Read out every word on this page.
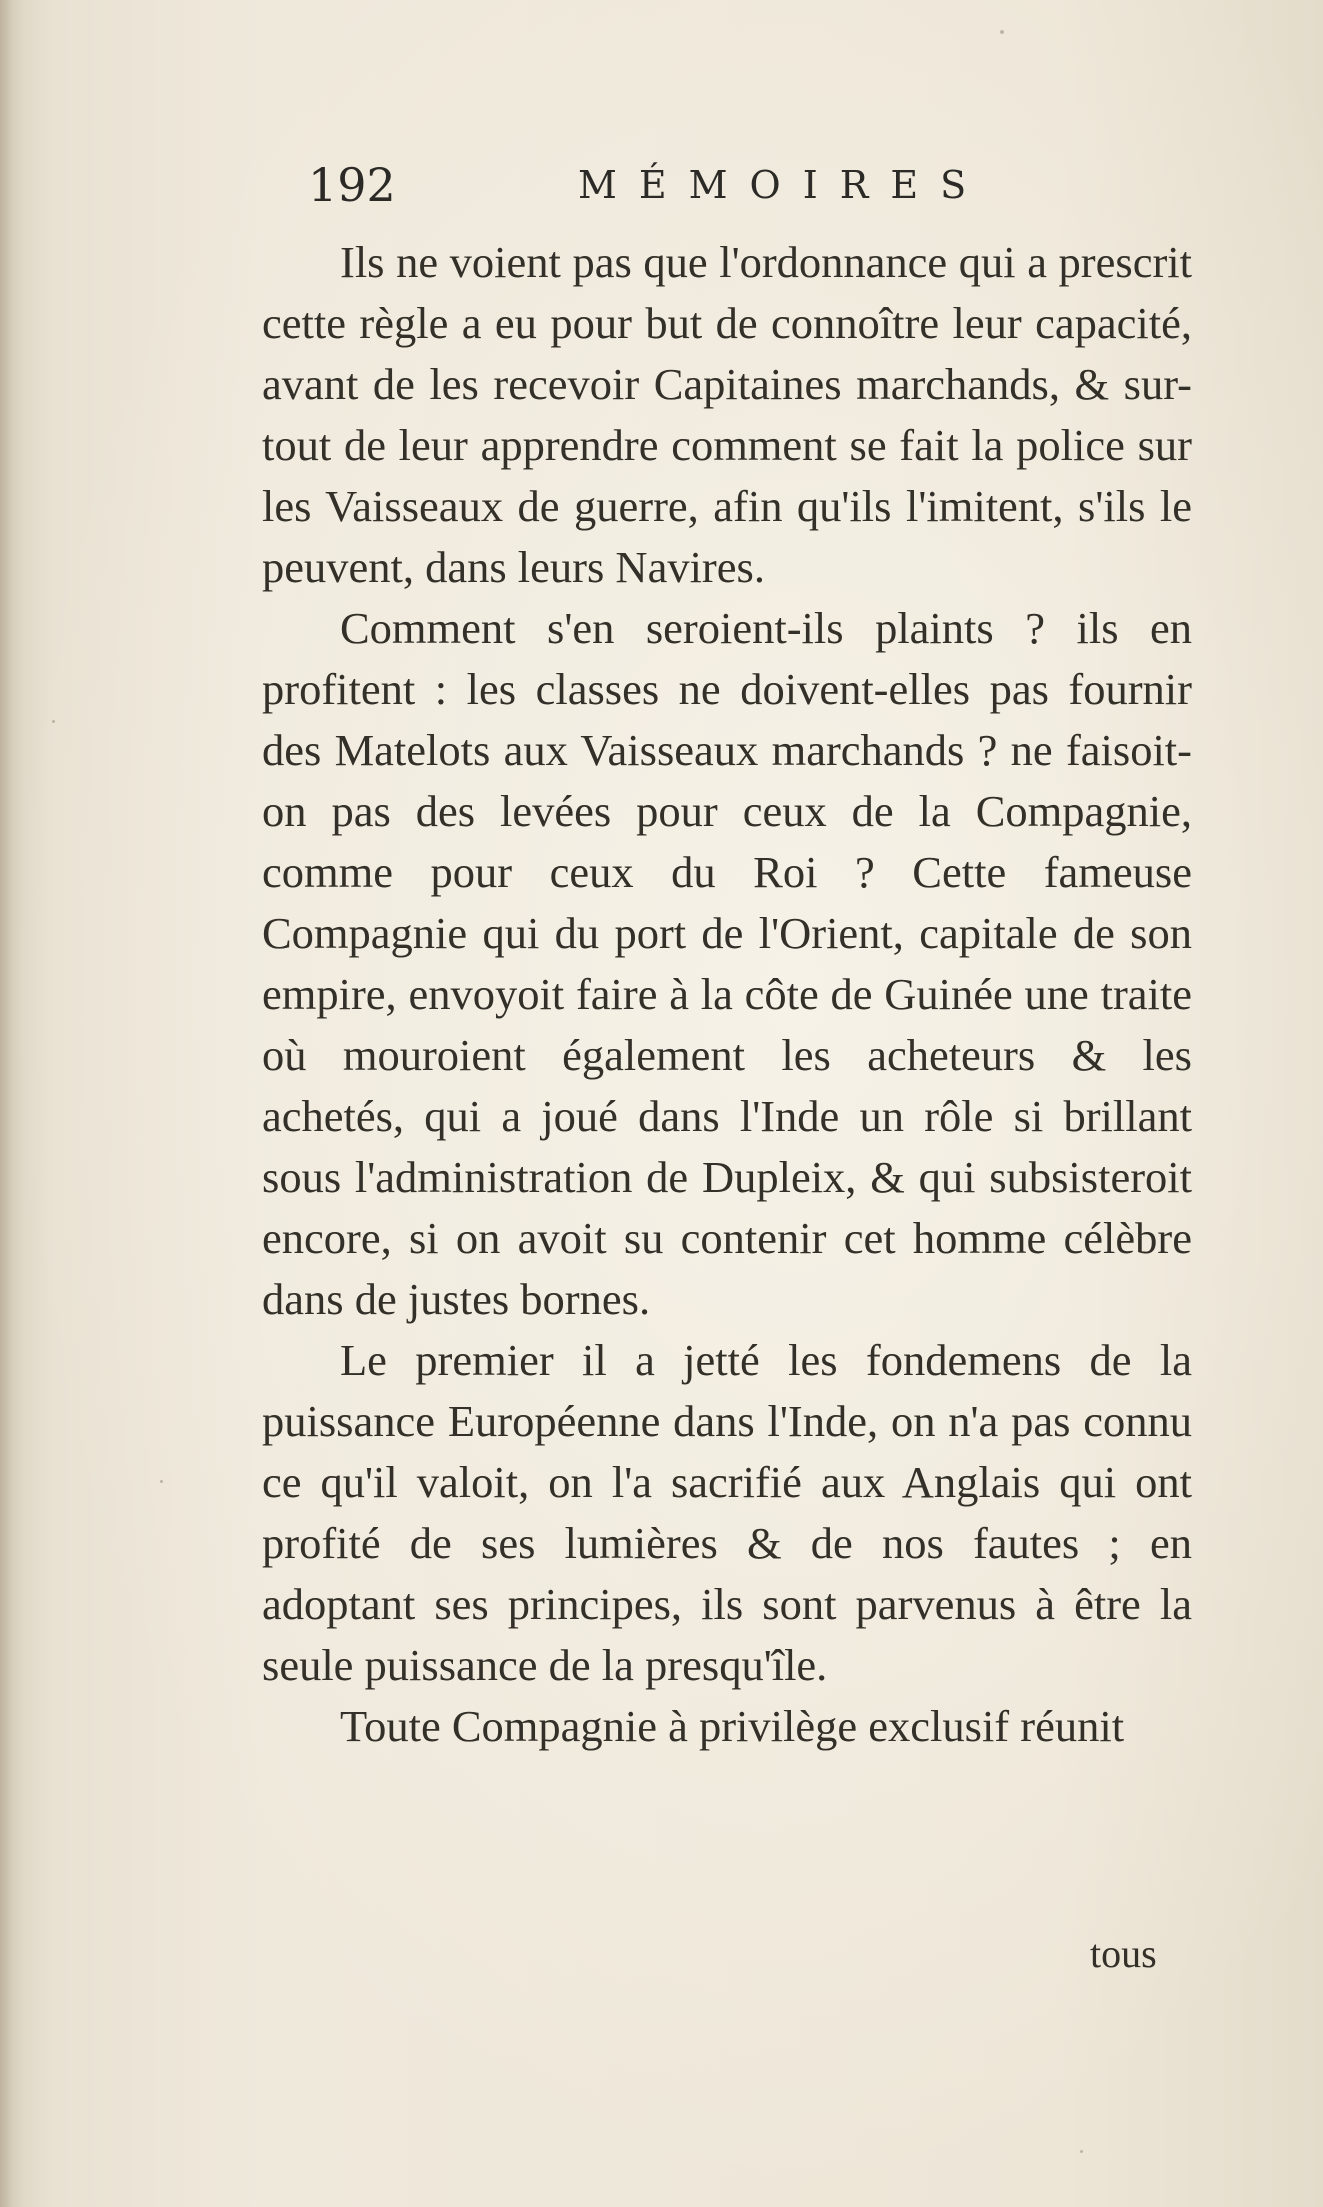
192	MÉMOIRES

Ils ne voient pas que l'ordonnance qui a prescrit cette règle a eu pour but de connoître leur capacité, avant de les recevoir Capitaines marchands, & sur-tout de leur apprendre comment se fait la police sur les Vaisseaux de guerre, afin qu'ils l'imitent, s'ils le peuvent, dans leurs Navires.

Comment s'en seroient-ils plaints ? ils en profitent : les classes ne doivent-elles pas fournir des Matelots aux Vaisseaux marchands ? ne faisoit-on pas des levées pour ceux de la Compagnie, comme pour ceux du Roi ? Cette fameuse Compagnie qui du port de l'Orient, capitale de son empire, envoyoit faire à la côte de Guinée une traite où mouroient également les acheteurs & les achetés, qui a joué dans l'Inde un rôle si brillant sous l'administration de Dupleix, & qui subsisteroit encore, si on avoit su contenir cet homme célèbre dans de justes bornes.

Le premier il a jetté les fondemens de la puissance Européenne dans l'Inde, on n'a pas connu ce qu'il valoit, on l'a sacrifié aux Anglais qui ont profité de ses lumières & de nos fautes ; en adoptant ses principes, ils sont parvenus à être la seule puissance de la presqu'île.

Toute Compagnie à privilège exclusif réunit

tous
